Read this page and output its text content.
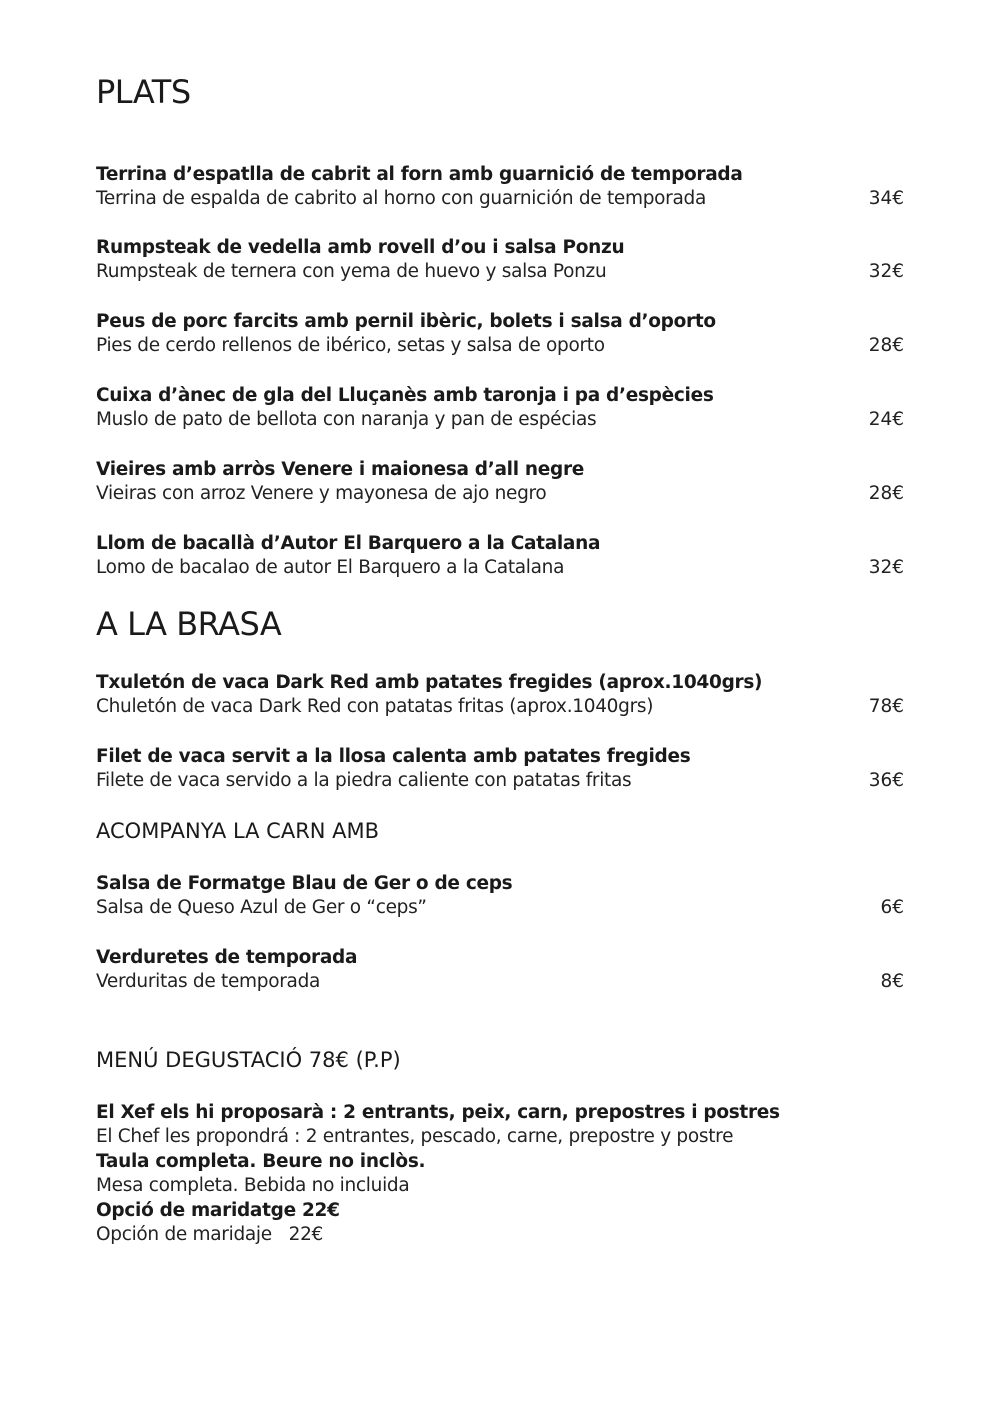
PLATS
Terrina d’espatlla de cabrit al forn amb guarnició de temporada
Terrina de espalda de cabrito al horno con guarnición de temporada	34€
Rumpsteak de vedella amb rovell d’ou i salsa Ponzu
Rumpsteak de ternera con yema de huevo y salsa Ponzu	32€
Peus de porc farcits amb pernil ibèric, bolets i salsa d’oporto
Pies de cerdo rellenos de ibérico, setas y salsa de oporto	28€
Cuixa d’ànec de gla del Lluçanès amb taronja i pa d’espècies
Muslo de pato de bellota con naranja y pan de espécias	24€
Vieires amb arròs Venere i maionesa d’all negre
Vieiras con arroz Venere y mayonesa de ajo negro	28€
Llom de bacallà d’Autor El Barquero a la Catalana
Lomo de bacalao de autor El Barquero a la Catalana	32€
A LA BRASA
Txuletón de vaca Dark Red amb patates fregides (aprox.1040grs)
Chuletón de vaca Dark Red con patatas fritas (aprox.1040grs)	78€
Filet de vaca servit a la llosa calenta amb patates fregides
Filete de vaca servido a la piedra caliente con patatas fritas	36€
ACOMPANYA LA CARN AMB
Salsa de Formatge Blau de Ger o de ceps
Salsa de Queso Azul de Ger o “ceps”	6€
Verduretes de temporada
Verduritas de temporada	8€
MENÚ DEGUSTACIÓ 78€ (P.P)
El Xef els hi proposarà : 2 entrants, peix, carn, prepostres i postres
El Chef les propondrá : 2 entrantes, pescado, carne, prepostre y postre
Taula completa. Beure no inclòs.
Mesa completa. Bebida no incluida
Opció de maridatge 22€
Opción de maridaje   22€
